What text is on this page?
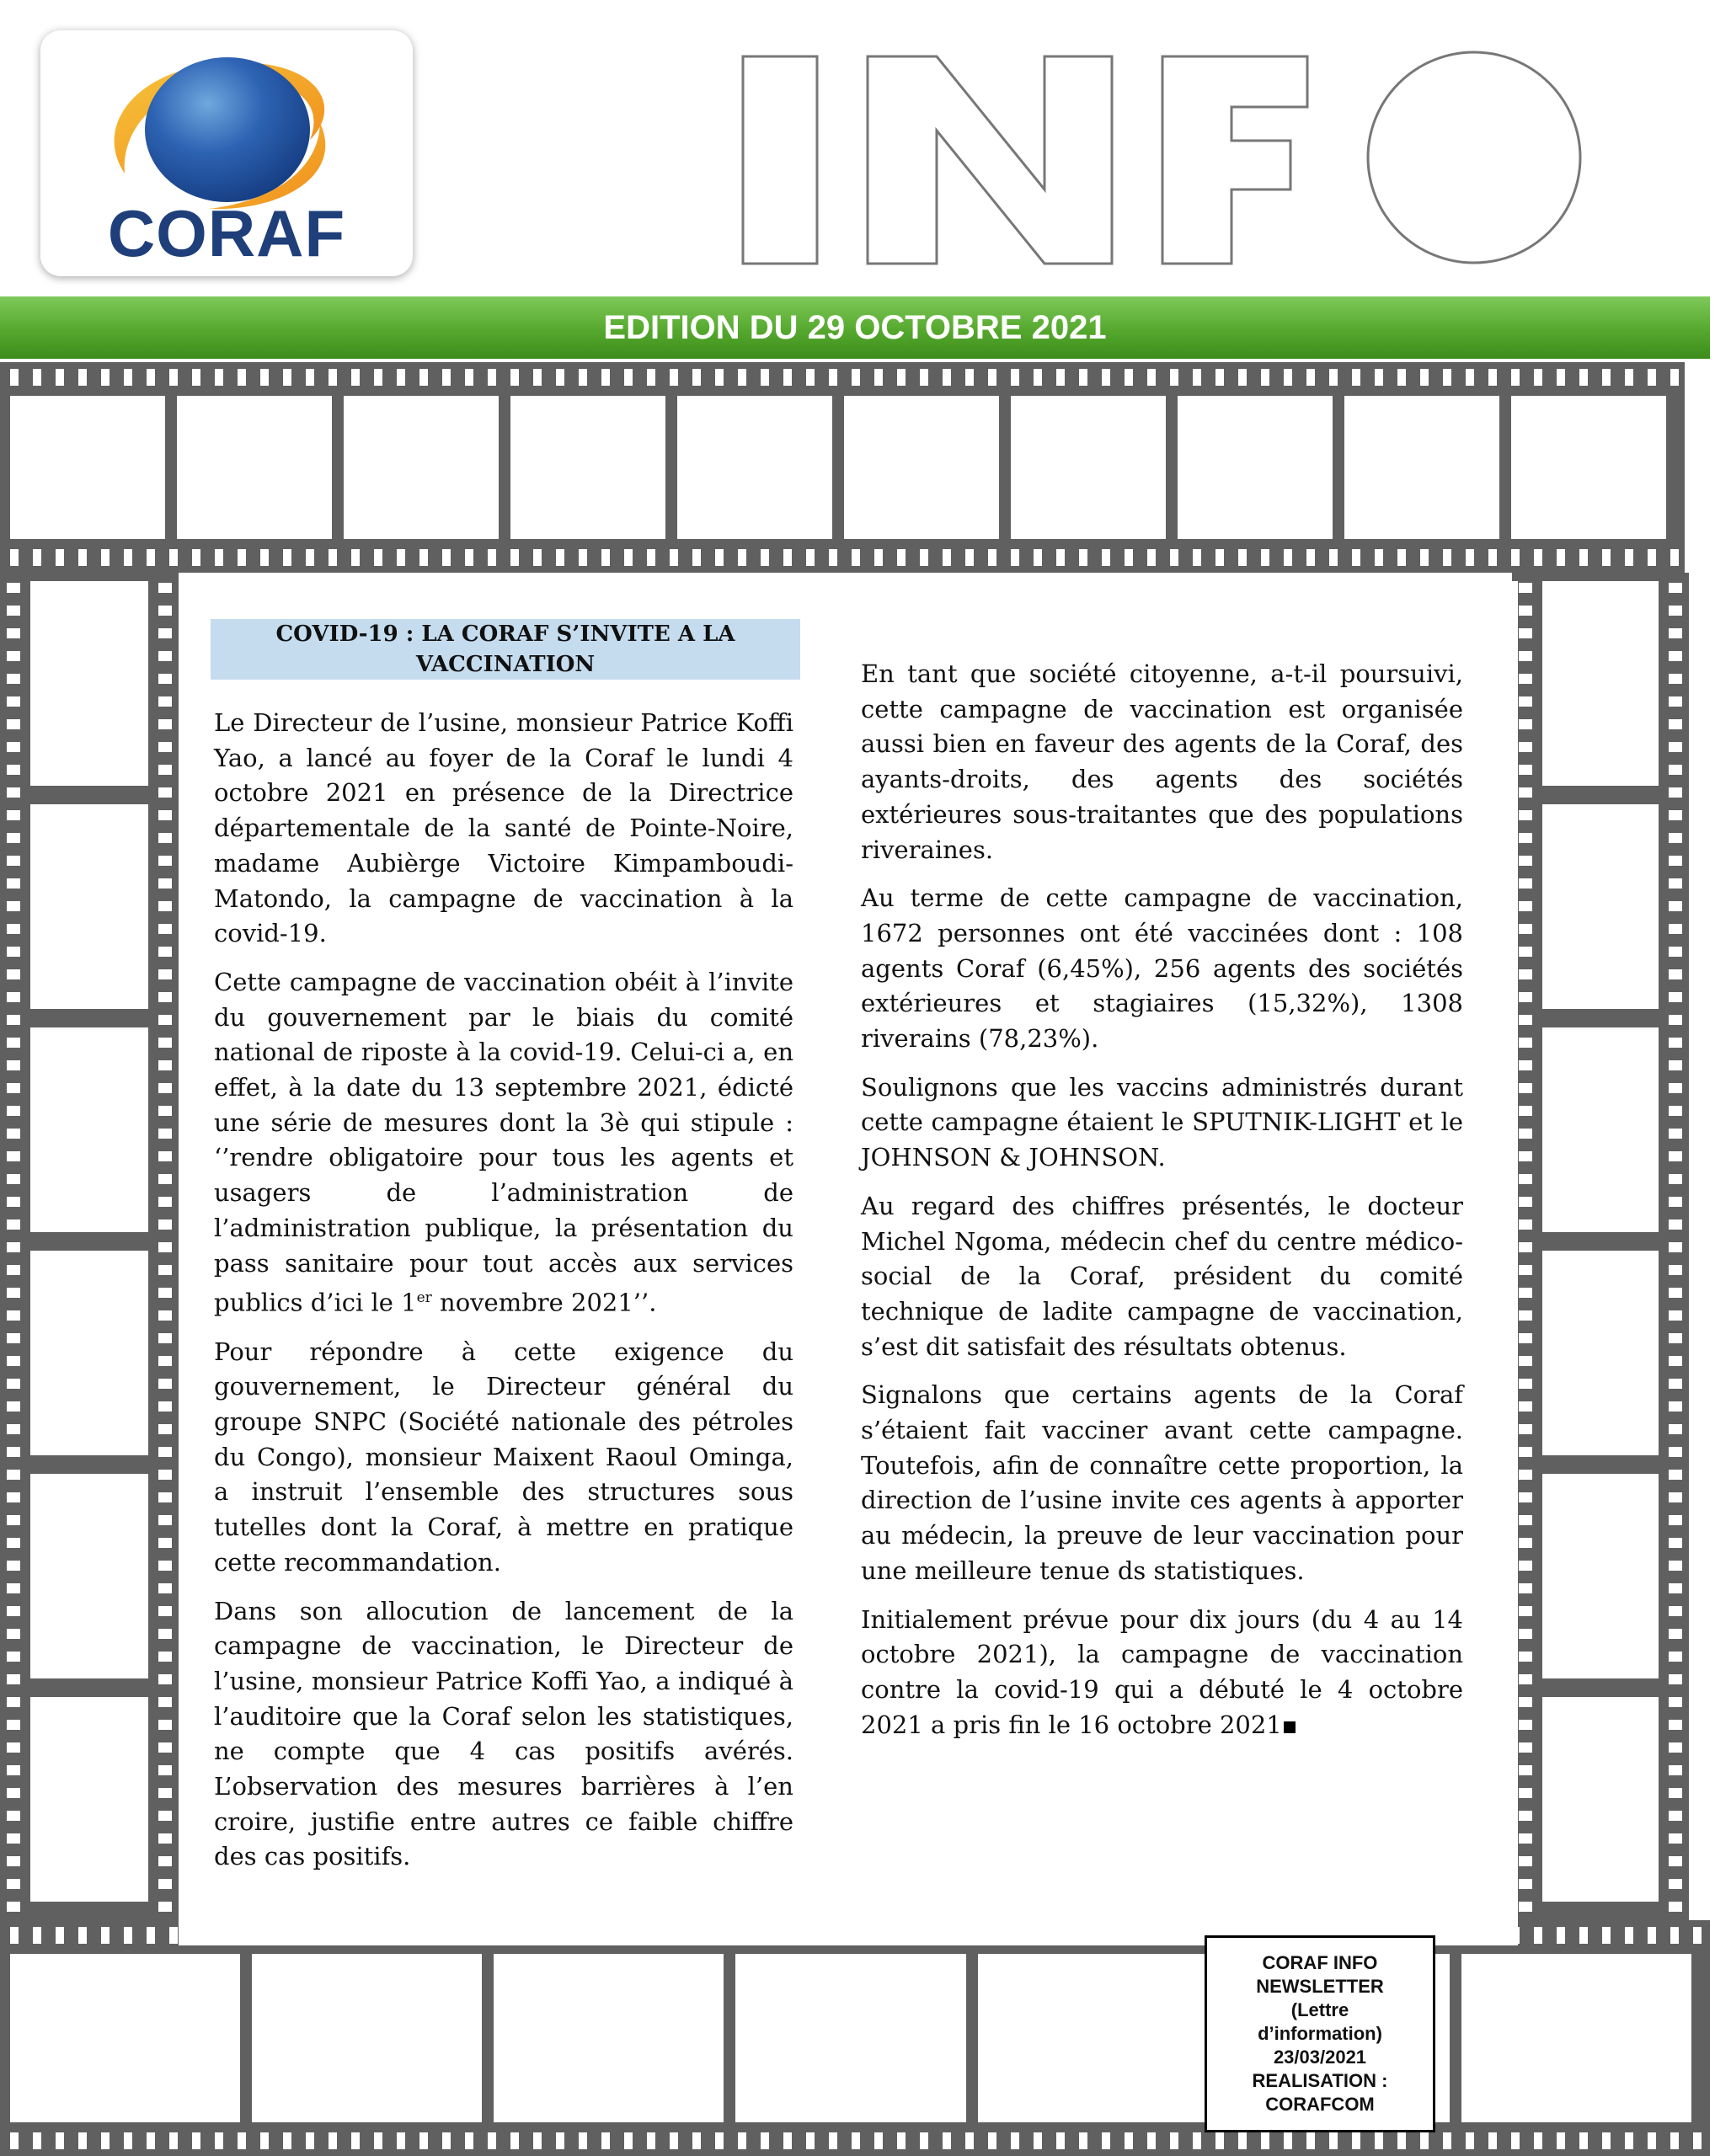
CORAF
EDITION DU 29 OCTOBRE 2021
COVID-19 : LA CORAF S’INVITE A LA
VACCINATION

Le Directeur de l’usine, monsieur Patrice Koffi Yao, a lancé au foyer de la Coraf le lundi 4 octobre 2021 en présence de la Directrice départementale de la santé de Pointe-Noire, madame Aubièrge Victoire Kimpamboudi-Matondo, la campagne de vaccination à la covid-19.

Cette campagne de vaccination obéit à l’invite du gouvernement par le biais du comité national de riposte à la covid-19. Celui-ci a, en effet, à la date du 13 septembre 2021, édicté une série de mesures dont la 3è qui stipule : ‘’rendre obligatoire pour tous les agents et usagers de l’administration de l’administration publique, la présentation du pass sanitaire pour tout accès aux services publics d’ici le 1er novembre 2021’’.

Pour répondre à cette exigence du gouvernement, le Directeur général du groupe SNPC (Société nationale des pétroles du Congo), monsieur Maixent Raoul Ominga, a instruit l’ensemble des structures sous tutelles dont la Coraf, à mettre en pratique cette recommandation.

Dans son allocution de lancement de la campagne de vaccination, le Directeur de l’usine, monsieur Patrice Koffi Yao, a indiqué à l’auditoire que la Coraf selon les statistiques, ne compte que 4 cas positifs avérés. L’observation des mesures barrières à l’en croire, justifie entre autres ce faible chiffre des cas positifs.

En tant que société citoyenne, a-t-il poursuivi, cette campagne de vaccination est organisée aussi bien en faveur des agents de la Coraf, des ayants-droits, des agents des sociétés extérieures sous-traitantes que des populations riveraines.

Au terme de cette campagne de vaccination, 1672 personnes ont été vaccinées dont : 108 agents Coraf (6,45%), 256 agents des sociétés extérieures et stagiaires (15,32%), 1308 riverains (78,23%).

Soulignons que les vaccins administrés durant cette campagne étaient le SPUTNIK-LIGHT et le JOHNSON & JOHNSON.

Au regard des chiffres présentés, le docteur Michel Ngoma, médecin chef du centre médico-social de la Coraf, président du comité technique de ladite campagne de vaccination, s’est dit satisfait des résultats obtenus.

Signalons que certains agents de la Coraf s’étaient fait vacciner avant cette campagne. Toutefois, afin de connaître cette proportion, la direction de l’usine invite ces agents à apporter au médecin, la preuve de leur vaccination pour une meilleure tenue ds statistiques.

Initialement prévue pour dix jours (du 4 au 14 octobre 2021), la campagne de vaccination contre la covid-19 qui a débuté le 4 octobre 2021 a pris fin le 16 octobre 2021

CORAF INFO
NEWSLETTER
(Lettre
d’information)
23/03/2021
REALISATION :
CORAFCOM
